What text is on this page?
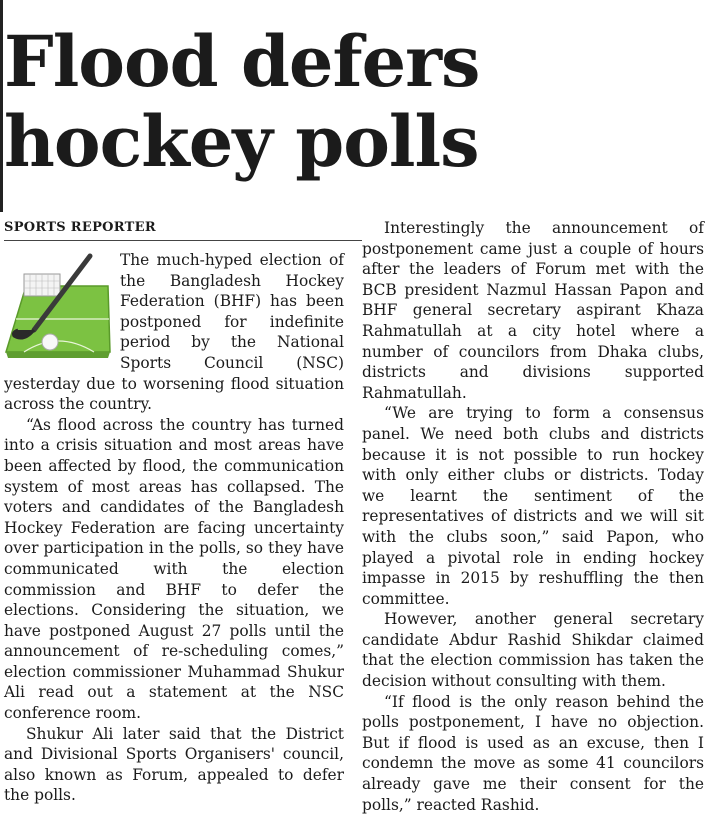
Flood defers
hockey polls
SPORTS REPORTER

The much-hyped election of the Bangladesh Hockey Federation (BHF) has been postponed for indefinite period by the National Sports Council (NSC) yesterday due to worsening flood situation across the country.

“As flood across the country has turned into a crisis situation and most areas have been affected by flood, the communication system of most areas has collapsed. The voters and candidates of the Bangladesh Hockey Federation are facing uncertainty over participation in the polls, so they have communicated with the election commission and BHF to defer the elections. Considering the situation, we have postponed August 27 polls until the announcement of re-scheduling comes,” election commissioner Muhammad Shukur Ali read out a statement at the NSC conference room.

Shukur Ali later said that the District and Divisional Sports Organisers' council, also known as Forum, appealed to defer the polls.

Interestingly the announcement of postponement came just a couple of hours after the leaders of Forum met with the BCB president Nazmul Hassan Papon and BHF general secretary aspirant Khaza Rahmatullah at a city hotel where a number of councilors from Dhaka clubs, districts and divisions supported Rahmatullah.

“We are trying to form a consensus panel. We need both clubs and districts because it is not possible to run hockey with only either clubs or districts. Today we learnt the sentiment of the representatives of districts and we will sit with the clubs soon,” said Papon, who played a pivotal role in ending hockey impasse in 2015 by reshuffling the then committee.

However, another general secretary candidate Abdur Rashid Shikdar claimed that the election commission has taken the decision without consulting with them.

“If flood is the only reason behind the polls postponement, I have no objection. But if flood is used as an excuse, then I condemn the move as some 41 councilors already gave me their consent for the polls,” reacted Rashid.
